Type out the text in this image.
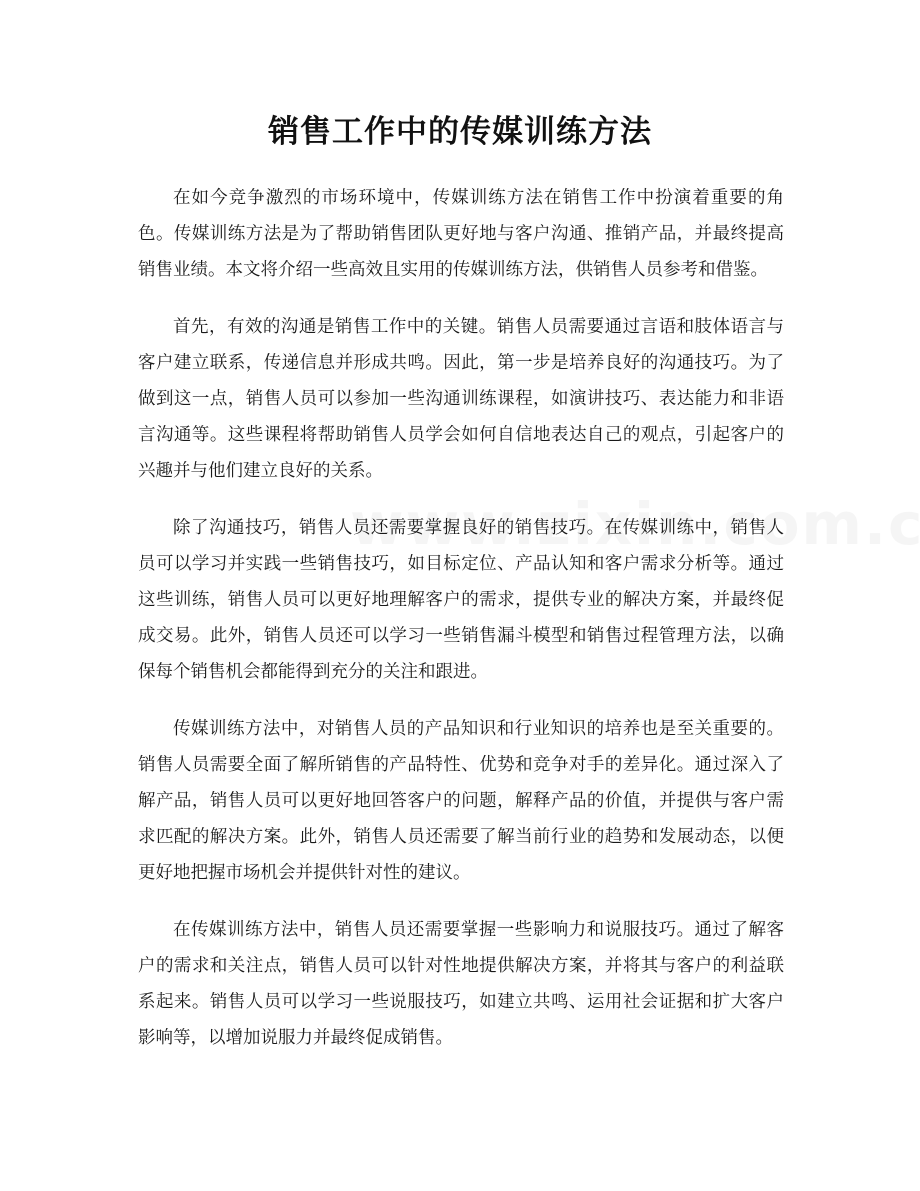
销售工作中的传媒训练方法

在如今竞争激烈的市场环境中，传媒训练方法在销售工作中扮演着重要的角色。传媒训练方法是为了帮助销售团队更好地与客户沟通、推销产品，并最终提高销售业绩。本文将介绍一些高效且实用的传媒训练方法，供销售人员参考和借鉴。

首先，有效的沟通是销售工作中的关键。销售人员需要通过言语和肢体语言与客户建立联系，传递信息并形成共鸣。因此，第一步是培养良好的沟通技巧。为了做到这一点，销售人员可以参加一些沟通训练课程，如演讲技巧、表达能力和非语言沟通等。这些课程将帮助销售人员学会如何自信地表达自己的观点，引起客户的兴趣并与他们建立良好的关系。

除了沟通技巧，销售人员还需要掌握良好的销售技巧。在传媒训练中，销售人员可以学习并实践一些销售技巧，如目标定位、产品认知和客户需求分析等。通过这些训练，销售人员可以更好地理解客户的需求，提供专业的解决方案，并最终促成交易。此外，销售人员还可以学习一些销售漏斗模型和销售过程管理方法，以确保每个销售机会都能得到充分的关注和跟进。

传媒训练方法中，对销售人员的产品知识和行业知识的培养也是至关重要的。销售人员需要全面了解所销售的产品特性、优势和竞争对手的差异化。通过深入了解产品，销售人员可以更好地回答客户的问题，解释产品的价值，并提供与客户需求匹配的解决方案。此外，销售人员还需要了解当前行业的趋势和发展动态，以便更好地把握市场机会并提供针对性的建议。

在传媒训练方法中，销售人员还需要掌握一些影响力和说服技巧。通过了解客户的需求和关注点，销售人员可以针对性地提供解决方案，并将其与客户的利益联系起来。销售人员可以学习一些说服技巧，如建立共鸣、运用社会证据和扩大客户影响等，以增加说服力并最终促成销售。
